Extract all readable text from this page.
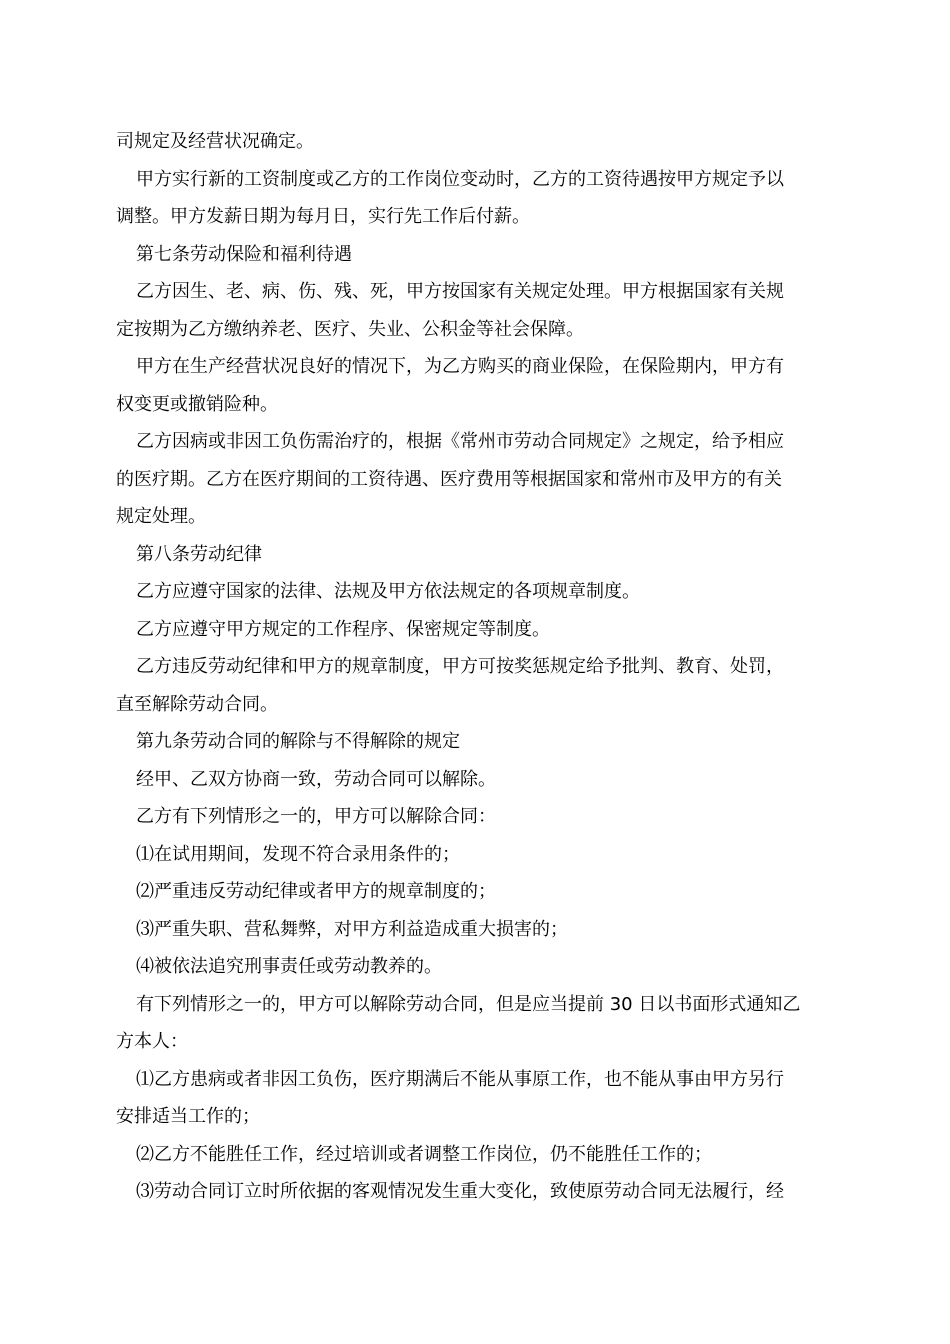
司规定及经营状况确定。
甲方实行新的工资制度或乙方的工作岗位变动时，乙方的工资待遇按甲方规定予以
调整。甲方发薪日期为每月日，实行先工作后付薪。
第七条劳动保险和福利待遇
乙方因生、老、病、伤、残、死，甲方按国家有关规定处理。甲方根据国家有关规
定按期为乙方缴纳养老、医疗、失业、公积金等社会保障。
甲方在生产经营状况良好的情况下，为乙方购买的商业保险，在保险期内，甲方有
权变更或撤销险种。
乙方因病或非因工负伤需治疗的，根据《常州市劳动合同规定》之规定，给予相应
的医疗期。乙方在医疗期间的工资待遇、医疗费用等根据国家和常州市及甲方的有关
规定处理。
第八条劳动纪律
乙方应遵守国家的法律、法规及甲方依法规定的各项规章制度。
乙方应遵守甲方规定的工作程序、保密规定等制度。
乙方违反劳动纪律和甲方的规章制度，甲方可按奖惩规定给予批判、教育、处罚，
直至解除劳动合同。
第九条劳动合同的解除与不得解除的规定
经甲、乙双方协商一致，劳动合同可以解除。
乙方有下列情形之一的，甲方可以解除合同：
⑴在试用期间，发现不符合录用条件的；
⑵严重违反劳动纪律或者甲方的规章制度的；
⑶严重失职、营私舞弊，对甲方利益造成重大损害的；
⑷被依法追究刑事责任或劳动教养的。
有下列情形之一的，甲方可以解除劳动合同，但是应当提前 30 日以书面形式通知乙
方本人：
⑴乙方患病或者非因工负伤，医疗期满后不能从事原工作，也不能从事由甲方另行
安排适当工作的；
⑵乙方不能胜任工作，经过培训或者调整工作岗位，仍不能胜任工作的；
⑶劳动合同订立时所依据的客观情况发生重大变化，致使原劳动合同无法履行，经
